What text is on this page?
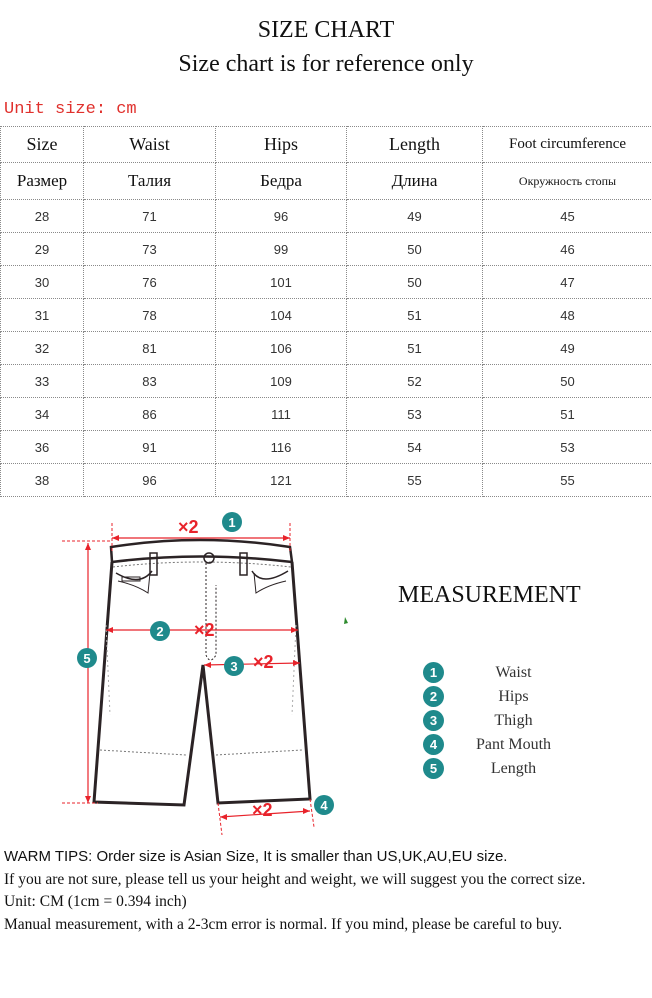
SIZE CHART
Size chart is for reference only
Unit size: cm
Size	Waist	Hips	Length	Foot circumference
Размер	Талия	Бедра	Длина	Окружность стопы
28	71	96	49	45
29	73	99	50	46
30	76	101	50	47
31	78	104	51	48
32	81	106	51	49
33	83	109	52	50
34	86	111	53	51
36	91	116	54	53
38	96	121	55	55
×2
×2
×2
×2
1
2
3
4
5
MEASUREMENT
1	Waist
2	Hips
3	Thigh
4	Pant Mouth
5	Length

WARM TIPS: Order size is Asian Size, It is smaller than US,UK,AU,EU size.

If you are not sure, please tell us your height and weight, we will suggest you the correct size.

Unit: CM (1cm = 0.394 inch)

Manual measurement, with a 2-3cm error is normal. If you mind, please be careful to buy.
